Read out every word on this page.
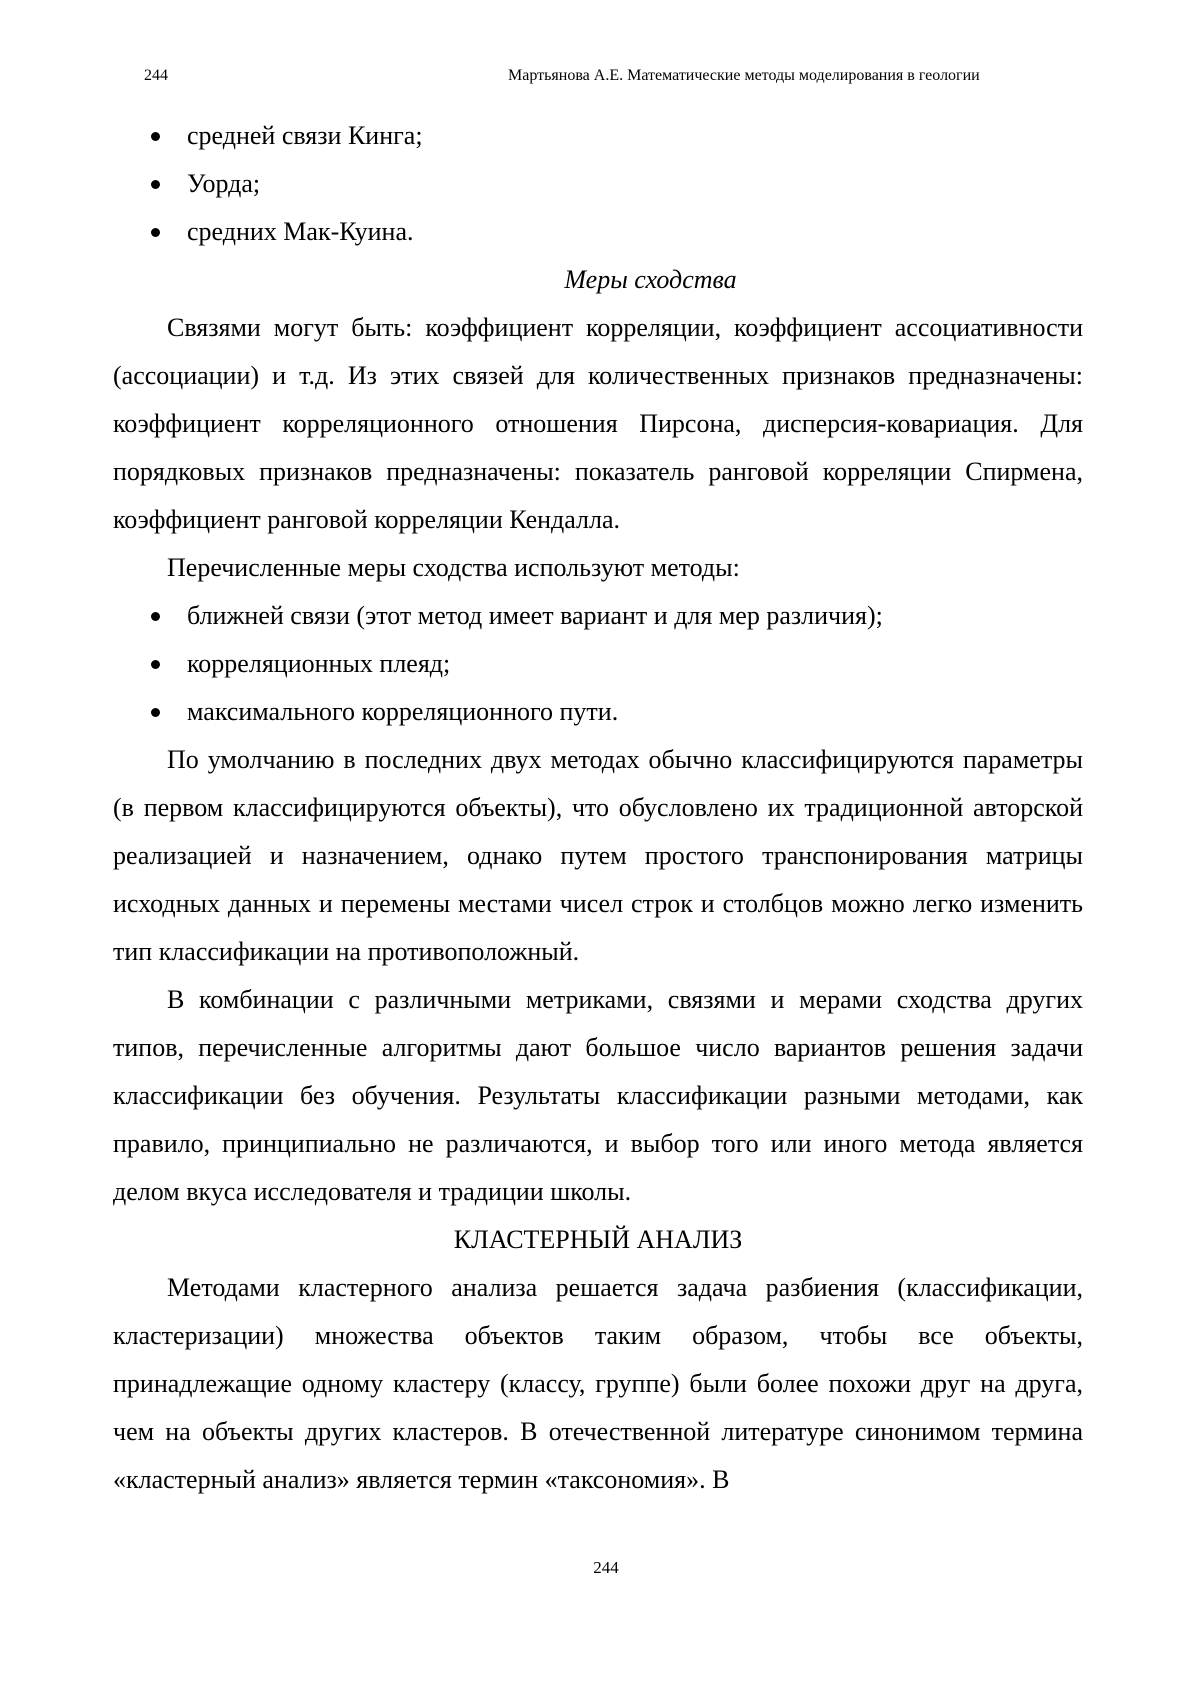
244	Мартьянова А.Е. Математические методы моделирования в геологии
средней связи Кинга;
Уорда;
средних Мак-Куина.
Меры сходства

Связями могут быть: коэффициент корреляции, коэффициент ассоциативности (ассоциации) и т.д. Из этих связей для количественных признаков предназначены: коэффициент корреляционного отношения Пирсона, дисперсия-ковариация. Для порядковых признаков предназначены: показатель ранговой корреляции Спирмена, коэффициент ранговой корреляции Кендалла.

Перечисленные меры сходства используют методы:

ближней связи (этот метод имеет вариант и для мер различия);
корреляционных плеяд;
максимального корреляционного пути.

По умолчанию в последних двух методах обычно классифицируются параметры (в первом классифицируются объекты), что обусловлено их традиционной авторской реализацией и назначением, однако путем простого транспонирования матрицы исходных данных и перемены местами чисел строк и столбцов можно легко изменить тип классификации на противоположный.

В комбинации с различными метриками, связями и мерами сходства других типов, перечисленные алгоритмы дают большое число вариантов решения задачи классификации без обучения. Результаты классификации разными методами, как правило, принципиально не различаются, и выбор того или иного метода является делом вкуса исследователя и традиции школы.

КЛАСТЕРНЫЙ АНАЛИЗ

Методами кластерного анализа решается задача разбиения (классификации, кластеризации) множества объектов таким образом, чтобы все объекты, принадлежащие одному кластеру (классу, группе) были более похожи друг на друга, чем на объекты других кластеров. В отечественной литературе синонимом термина «кластерный анализ» является термин «таксономия». В

244
